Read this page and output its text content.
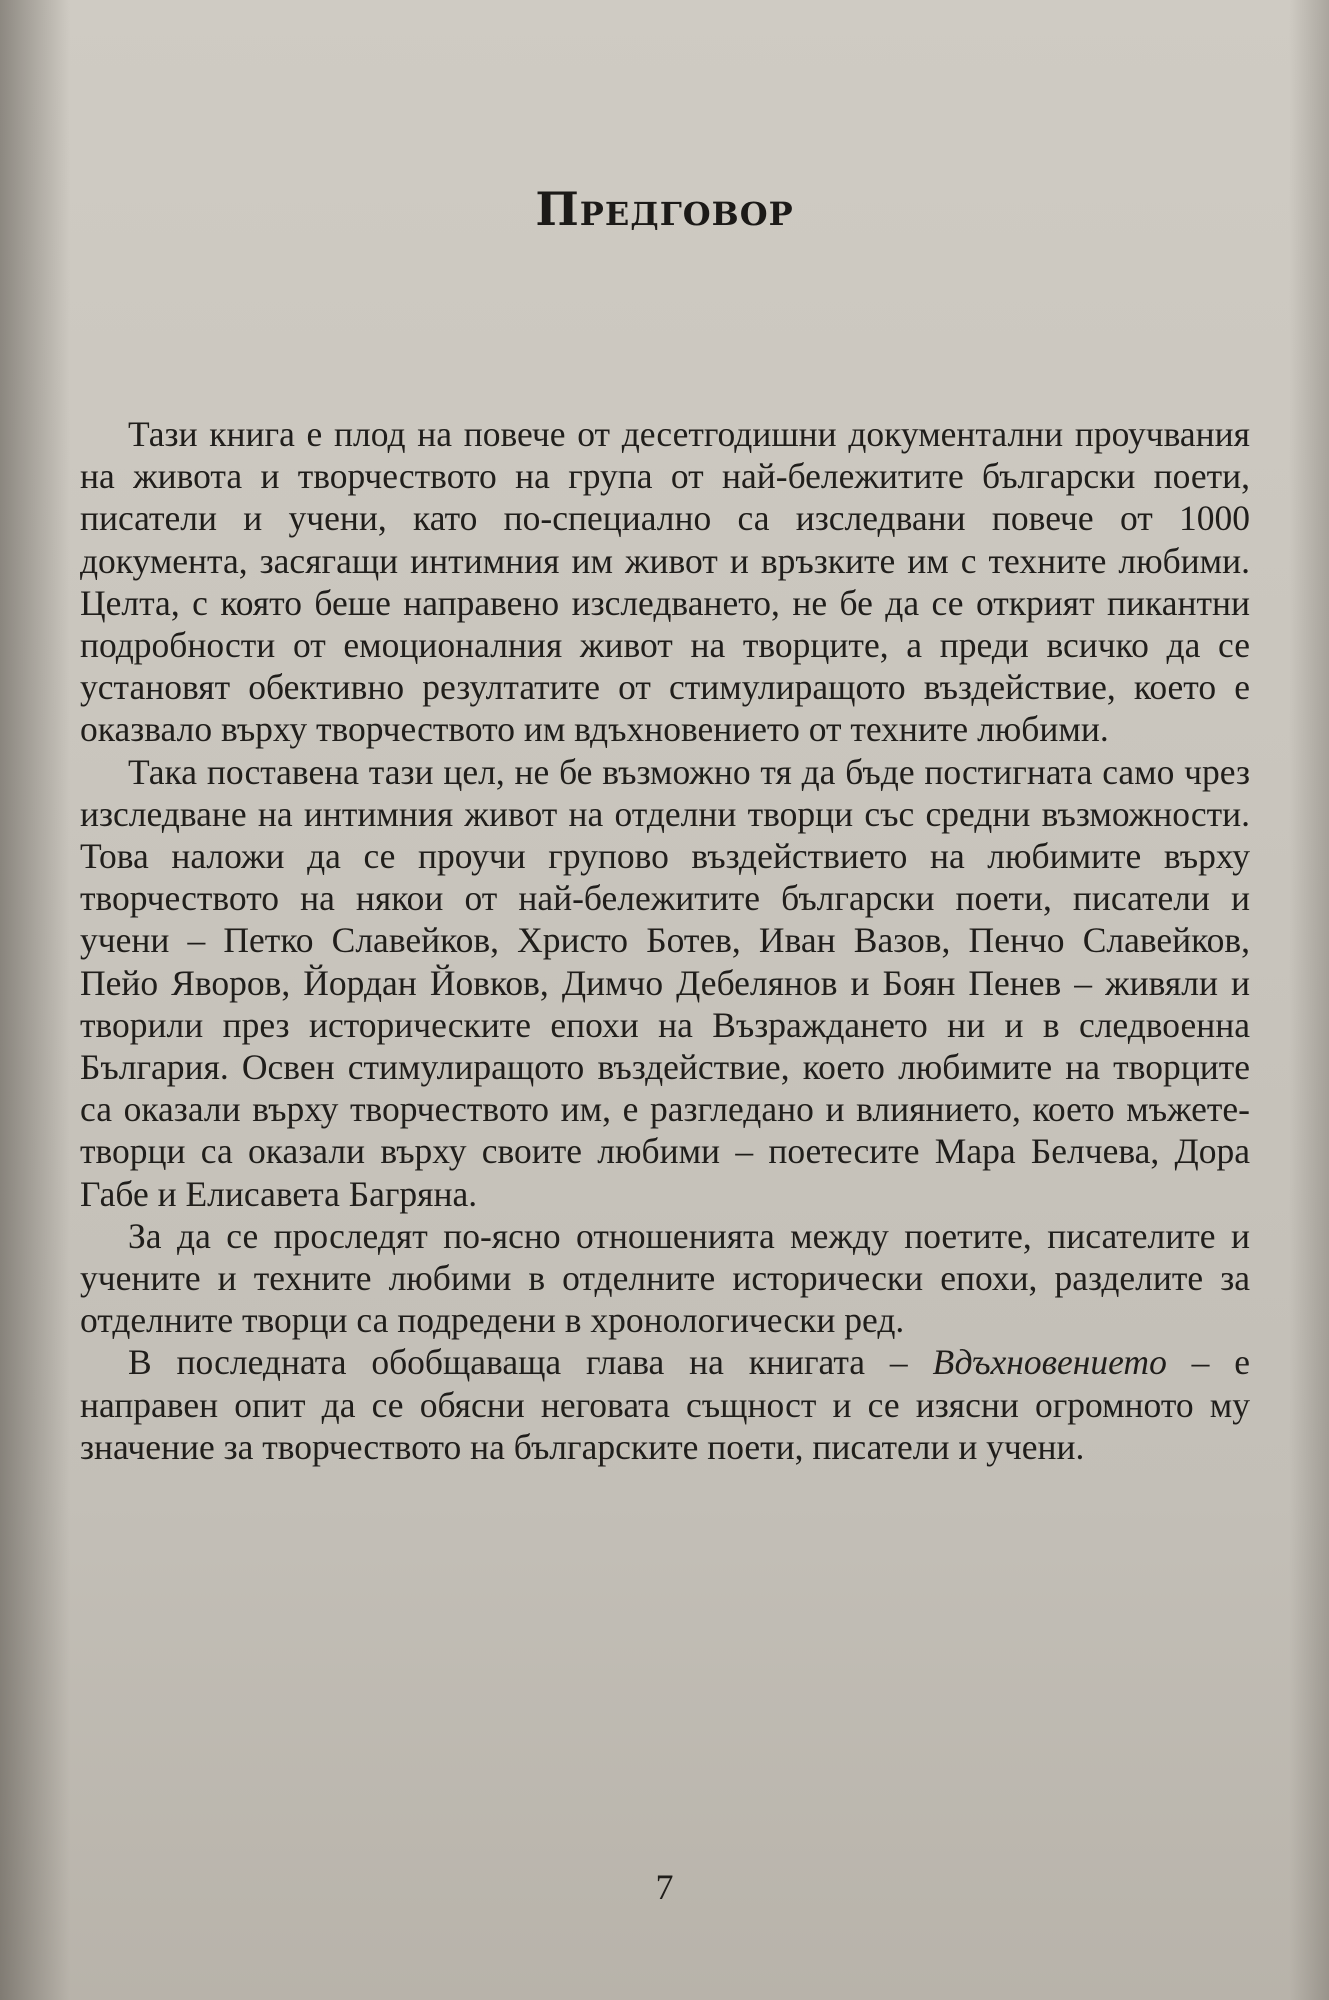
Предговор

Тази книга е плод на повече от десетгодишни документални проучвания на живота и творчеството на група от най-бележитите български поети, писатели и учени, като по-специално са изследвани повече от 1000 документа, засягащи интимния им живот и връзките им с техните любими. Целта, с която беше направено изследването, не бе да се открият пикантни подробности от емоционалния живот на творците, а преди всичко да се установят обективно резултатите от стимулиращото въздействие, което е оказвало върху творчеството им вдъхновението от техните любими.

Така поставена тази цел, не бе възможно тя да бъде постигната само чрез изследване на интимния живот на отделни творци със средни възможности. Това наложи да се проучи групово въздействието на любимите върху творчеството на някои от най-бележитите български поети, писатели и учени – Петко Славейков, Христо Ботев, Иван Вазов, Пенчо Славейков, Пейо Яворов, Йордан Йовков, Димчо Дебелянов и Боян Пенев – живяли и творили през историческите епохи на Възраждането ни и в следвоенна България. Освен стимулиращото въздействие, което любимите на творците са оказали върху творчеството им, е разгледано и влиянието, което мъжете-творци са оказали върху своите любими – поетесите Мара Белчева, Дора Габе и Елисавета Багряна.

За да се проследят по-ясно отношенията между поетите, писателите и учените и техните любими в отделните исторически епохи, разделите за отделните творци са подредени в хронологически ред.

В последната обобщаваща глава на книгата – Вдъхновението – е направен опит да се обясни неговата същност и се изясни огромното му значение за творчеството на българските поети, писатели и учени.

7
